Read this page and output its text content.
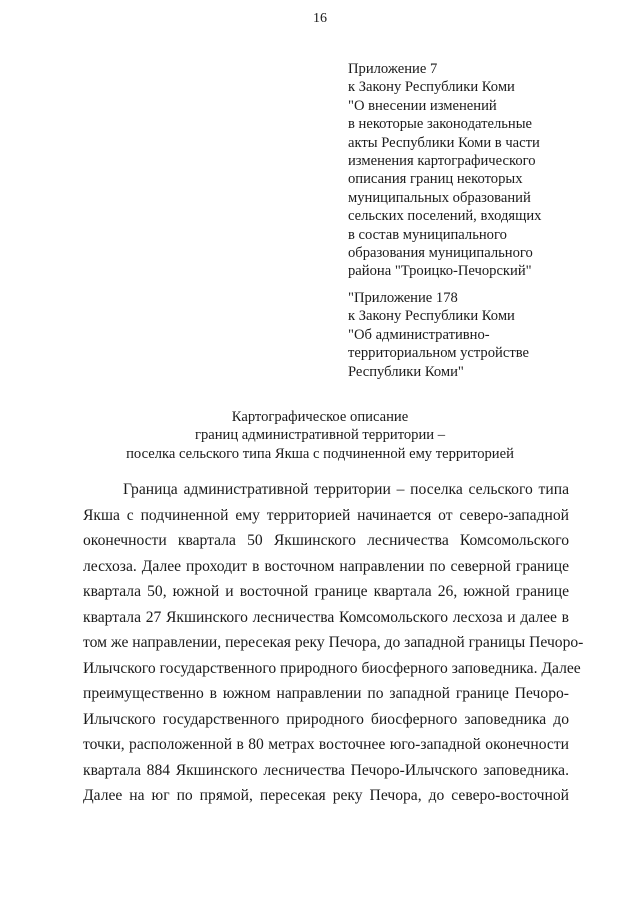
16
Приложение 7
к Закону Республики Коми
"О внесении изменений
в некоторые законодательные
акты Республики Коми в части
изменения картографического
описания границ некоторых
муниципальных образований
сельских поселений, входящих
в состав муниципального
образования муниципального
района "Троицко-Печорский"
"Приложение 178
к Закону Республики Коми
"Об административно-
территориальном устройстве
Республики Коми"
Картографическое описание
границ административной территории –
поселка сельского типа Якша с подчиненной ему территорией
Граница административной территории – поселка сельского типа
Якша с подчиненной ему территорией начинается от северо-западной
оконечности квартала 50 Якшинского лесничества Комсомольского
лесхоза. Далее проходит в восточном направлении по северной границе
квартала 50, южной и восточной границе квартала 26, южной границе
квартала 27 Якшинского лесничества Комсомольского лесхоза и далее в
том же направлении, пересекая реку Печора, до западной границы Печоро-
Илычского государственного природного биосферного заповедника. Далее
преимущественно в южном направлении по западной границе Печоро-
Илычского государственного природного биосферного заповедника до
точки, расположенной в 80 метрах восточнее юго-западной оконечности
квартала 884 Якшинского лесничества Печоро-Илычского заповедника.
Далее на юг по прямой, пересекая реку Печора, до северо-восточной
